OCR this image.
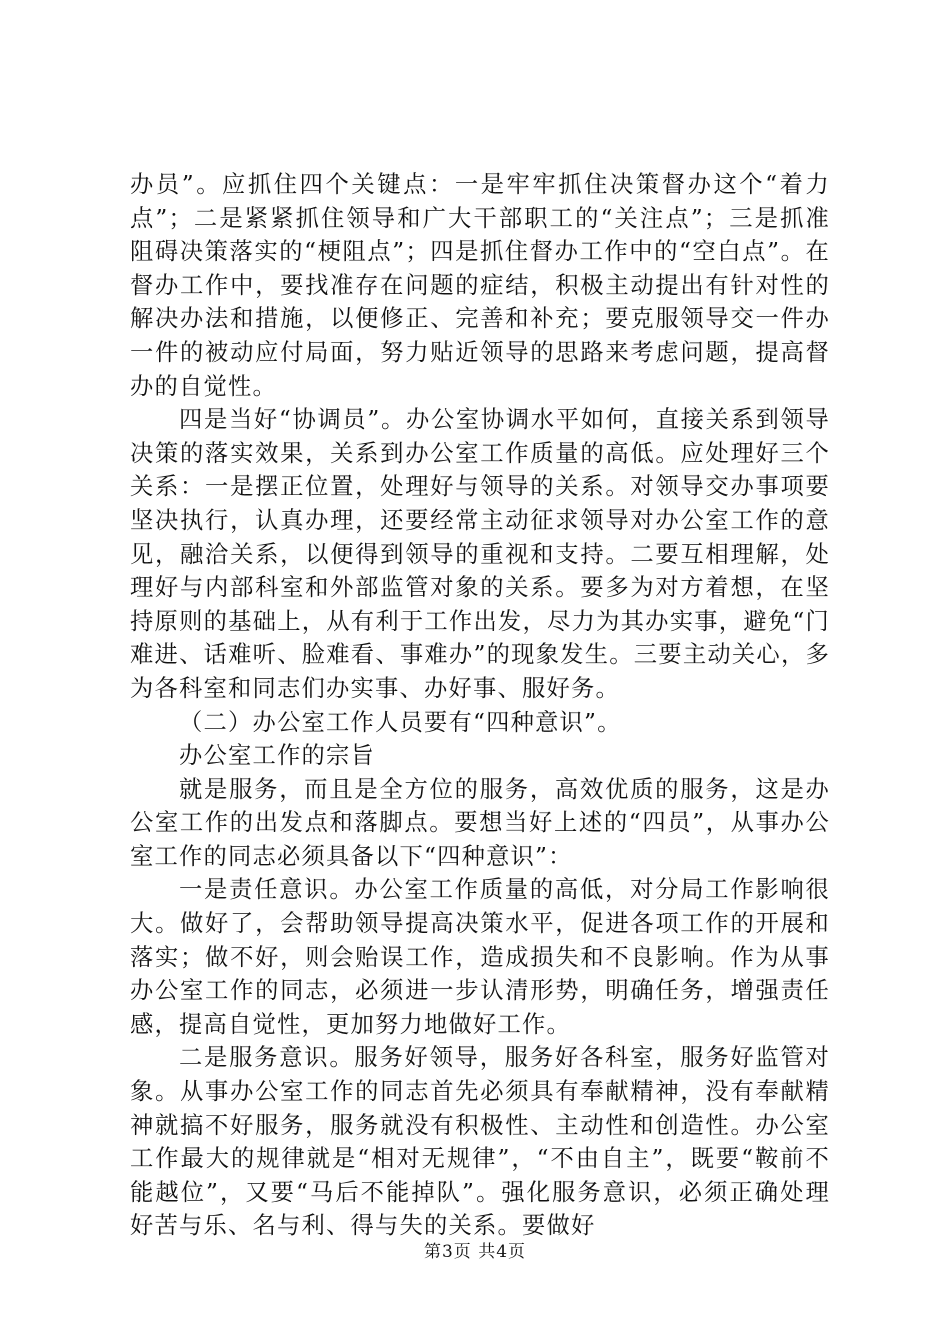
办员”。应抓住四个关键点：一是牢牢抓住决策督办这个“着力点”；二是紧紧抓住领导和广大干部职工的“关注点”；三是抓准阻碍决策落实的“梗阻点”；四是抓住督办工作中的“空白点”。在督办工作中，要找准存在问题的症结，积极主动提出有针对性的解决办法和措施，以便修正、完善和补充；要克服领导交一件办一件的被动应付局面，努力贴近领导的思路来考虑问题，提高督办的自觉性。

四是当好“协调员”。办公室协调水平如何，直接关系到领导决策的落实效果，关系到办公室工作质量的高低。应处理好三个关系：一是摆正位置，处理好与领导的关系。对领导交办事项要坚决执行，认真办理，还要经常主动征求领导对办公室工作的意见，融洽关系，以便得到领导的重视和支持。二要互相理解，处理好与内部科室和外部监管对象的关系。要多为对方着想，在坚持原则的基础上，从有利于工作出发，尽力为其办实事，避免“门难进、话难听、脸难看、事难办”的现象发生。三要主动关心，多为各科室和同志们办实事、办好事、服好务。

（二）办公室工作人员要有“四种意识”。

办公室工作的宗旨

就是服务，而且是全方位的服务，高效优质的服务，这是办公室工作的出发点和落脚点。要想当好上述的“四员”，从事办公室工作的同志必须具备以下“四种意识”：

一是责任意识。办公室工作质量的高低，对分局工作影响很大。做好了，会帮助领导提高决策水平，促进各项工作的开展和落实；做不好，则会贻误工作，造成损失和不良影响。作为从事办公室工作的同志，必须进一步认清形势，明确任务，增强责任感，提高自觉性，更加努力地做好工作。

二是服务意识。服务好领导，服务好各科室，服务好监管对象。从事办公室工作的同志首先必须具有奉献精神，没有奉献精神就搞不好服务，服务就没有积极性、主动性和创造性。办公室工作最大的规律就是“相对无规律”，“不由自主”，既要“鞍前不能越位”，又要“马后不能掉队”。强化服务意识，必须正确处理好苦与乐、名与利、得与失的关系。要做好

第3页 共4页
